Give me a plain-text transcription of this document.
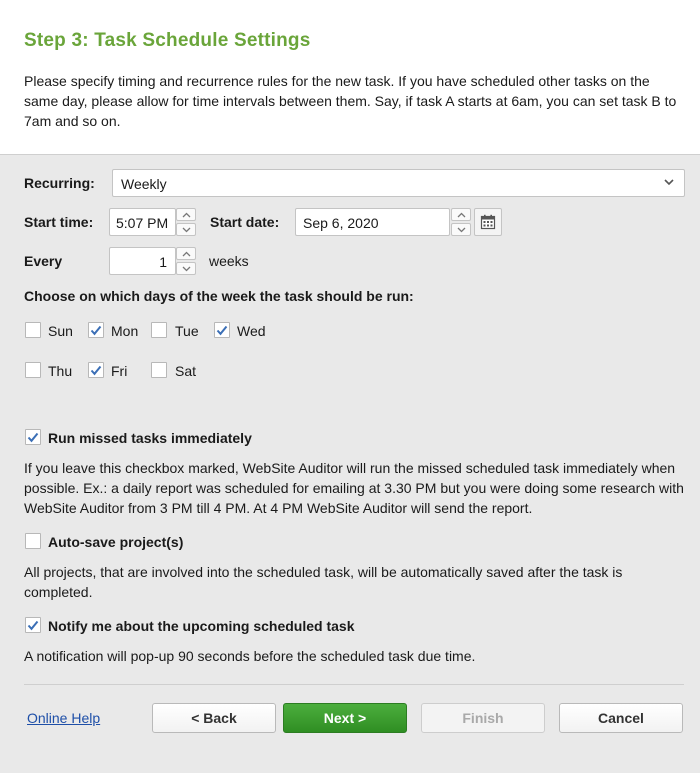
Step 3: Task Schedule Settings
Please specify timing and recurrence rules for the new task. If you have scheduled other tasks on the same day, please allow for time intervals between them. Say, if task A starts at 6am, you can set task B to 7am and so on.
Recurring: Weekly
Start time: 5:07 PM	Start date: Sep 6, 2020
Every	1	weeks
Choose on which days of the week the task should be run:
Sun	Mon	Tue	Wed
Thu	Fri	Sat
Run missed tasks immediately
If you leave this checkbox marked, WebSite Auditor will run the missed scheduled task immediately when possible. Ex.: a daily report was scheduled for emailing at 3.30 PM but you were doing some research with WebSite Auditor from 3 PM till 4 PM. At 4 PM WebSite Auditor will send the report.
Auto-save project(s)
All projects, that are involved into the scheduled task, will be automatically saved after the task is completed.
Notify me about the upcoming scheduled task
A notification will pop-up 90 seconds before the scheduled task due time.
Online Help	< Back	Next >	Finish	Cancel
